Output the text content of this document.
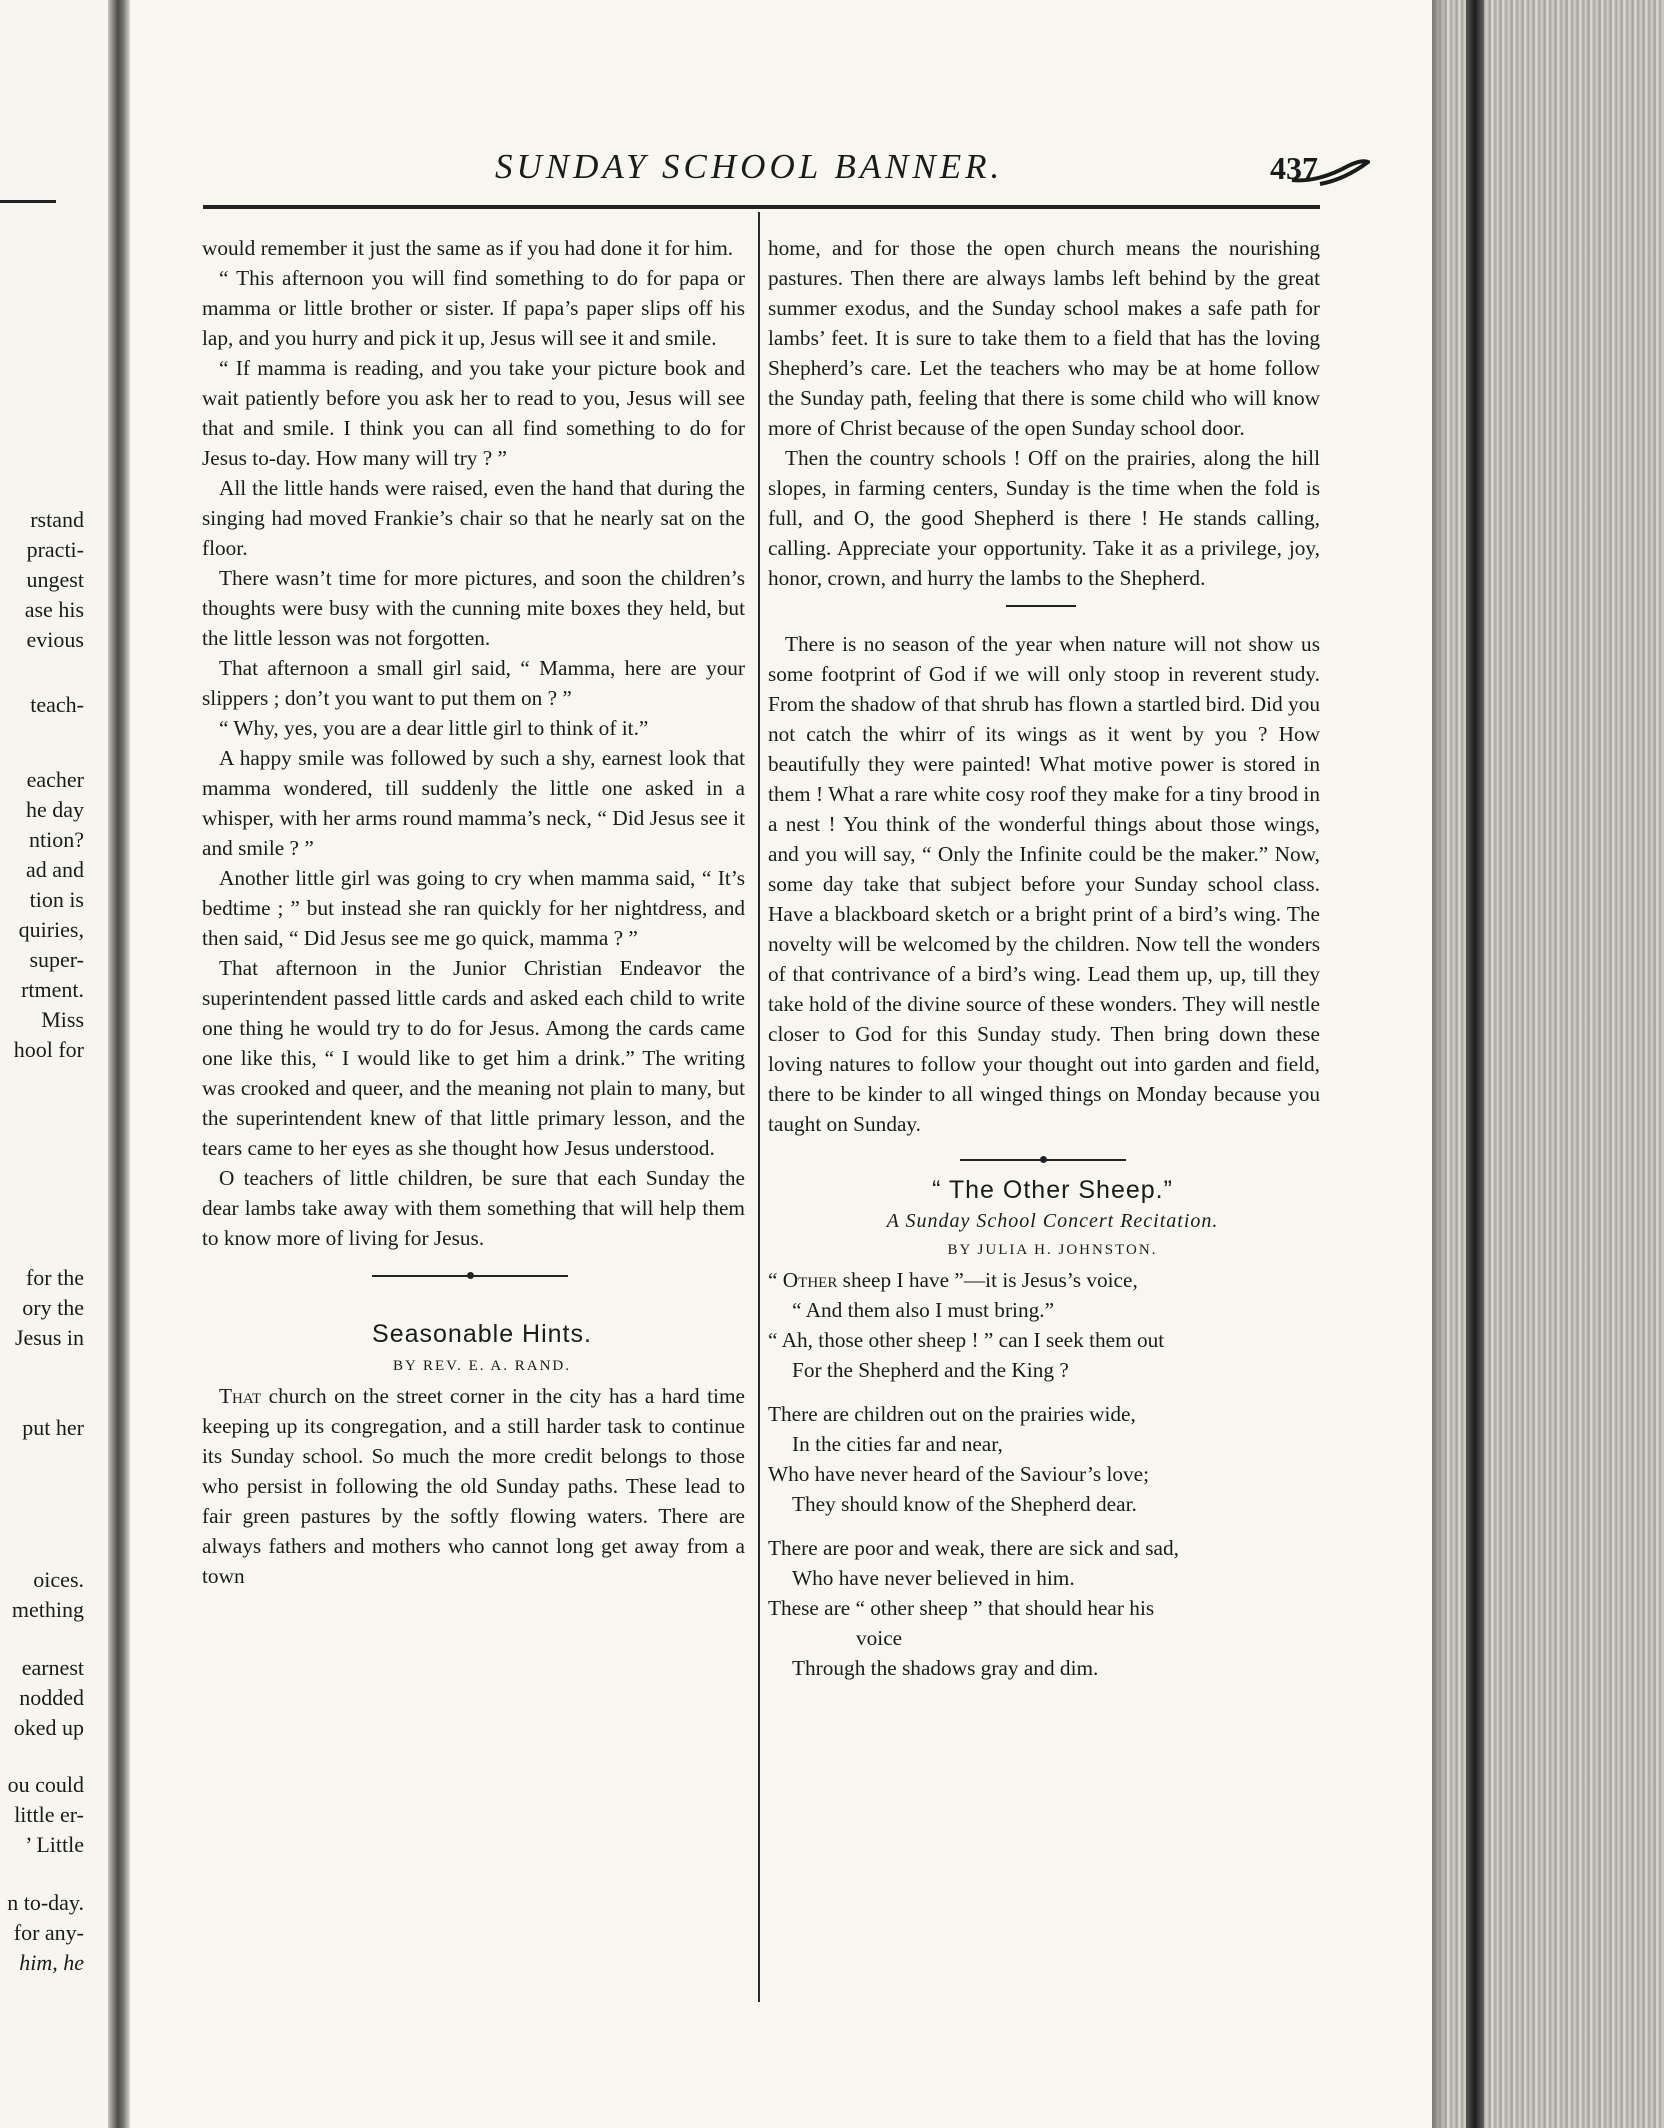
rstand
practi-
ungest
ase his
evious
teach-
eacher
he day
ntion?
ad and
tion is
quiries,
super-
rtment.
Miss
hool for
for the
ory the
Jesus in
put her
oices.
mething
earnest
nodded
oked up
ou could
little er-
’ Little
n to-day.
for any-
him, he
SUNDAY SCHOOL BANNER.	437

would remember it just the same as if you had done it for him.

“ This afternoon you will find something to do for papa or mamma or little brother or sister. If papa’s paper slips off his lap, and you hurry and pick it up, Jesus will see it and smile.

“ If mamma is reading, and you take your picture book and wait patiently before you ask her to read to you, Jesus will see that and smile. I think you can all find something to do for Jesus to-day. How many will try ? ”

All the little hands were raised, even the hand that during the singing had moved Frankie’s chair so that he nearly sat on the floor.

There wasn’t time for more pictures, and soon the children’s thoughts were busy with the cunning mite boxes they held, but the little lesson was not forgotten.

That afternoon a small girl said, “ Mamma, here are your slippers ; don’t you want to put them on ? ”

“ Why, yes, you are a dear little girl to think of it.”

A happy smile was followed by such a shy, earnest look that mamma wondered, till suddenly the little one asked in a whisper, with her arms round mamma’s neck, “ Did Jesus see it and smile ? ”

Another little girl was going to cry when mamma said, “ It’s bedtime ; ” but instead she ran quickly for her nightdress, and then said, “ Did Jesus see me go quick, mamma ? ”

That afternoon in the Junior Christian Endeavor the superintendent passed little cards and asked each child to write one thing he would try to do for Jesus. Among the cards came one like this, “ I would like to get him a drink.” The writing was crooked and queer, and the meaning not plain to many, but the superintendent knew of that little primary lesson, and the tears came to her eyes as she thought how Jesus understood.

O teachers of little children, be sure that each Sunday the dear lambs take away with them something that will help them to know more of living for Jesus.

Seasonable Hints.

BY REV. E. A. RAND.

That church on the street corner in the city has a hard time keeping up its congregation, and a still harder task to continue its Sunday school. So much the more credit belongs to those who persist in following the old Sunday paths. These lead to fair green pastures by the softly flowing waters. There are always fathers and mothers who cannot long get away from a town

home, and for those the open church means the nourishing pastures. Then there are always lambs left behind by the great summer exodus, and the Sunday school makes a safe path for lambs’ feet. It is sure to take them to a field that has the loving Shepherd’s care. Let the teachers who may be at home follow the Sunday path, feeling that there is some child who will know more of Christ because of the open Sunday school door.

Then the country schools ! Off on the prairies, along the hill slopes, in farming centers, Sunday is the time when the fold is full, and O, the good Shepherd is there ! He stands calling, calling. Appreciate your opportunity. Take it as a privilege, joy, honor, crown, and hurry the lambs to the Shepherd.

There is no season of the year when nature will not show us some footprint of God if we will only stoop in reverent study. From the shadow of that shrub has flown a startled bird. Did you not catch the whirr of its wings as it went by you ? How beautifully they were painted! What motive power is stored in them ! What a rare white cosy roof they make for a tiny brood in a nest ! You think of the wonderful things about those wings, and you will say, “ Only the Infinite could be the maker.” Now, some day take that subject before your Sunday school class. Have a blackboard sketch or a bright print of a bird’s wing. The novelty will be welcomed by the children. Now tell the wonders of that contrivance of a bird’s wing. Lead them up, up, till they take hold of the divine source of these wonders. They will nestle closer to God for this Sunday study. Then bring down these loving natures to follow your thought out into garden and field, there to be kinder to all winged things on Monday because you taught on Sunday.

“ The Other Sheep.”

A Sunday School Concert Recitation.

BY JULIA H. JOHNSTON.

“ Other sheep I have ”—it is Jesus’s voice,

“ And them also I must bring.”

“ Ah, those other sheep ! ” can I seek them out

For the Shepherd and the King ?

There are children out on the prairies wide,

In the cities far and near,

Who have never heard of the Saviour’s love;

They should know of the Shepherd dear.

There are poor and weak, there are sick and sad,

Who have never believed in him.

These are “ other sheep ” that should hear his

voice

Through the shadows gray and dim.
